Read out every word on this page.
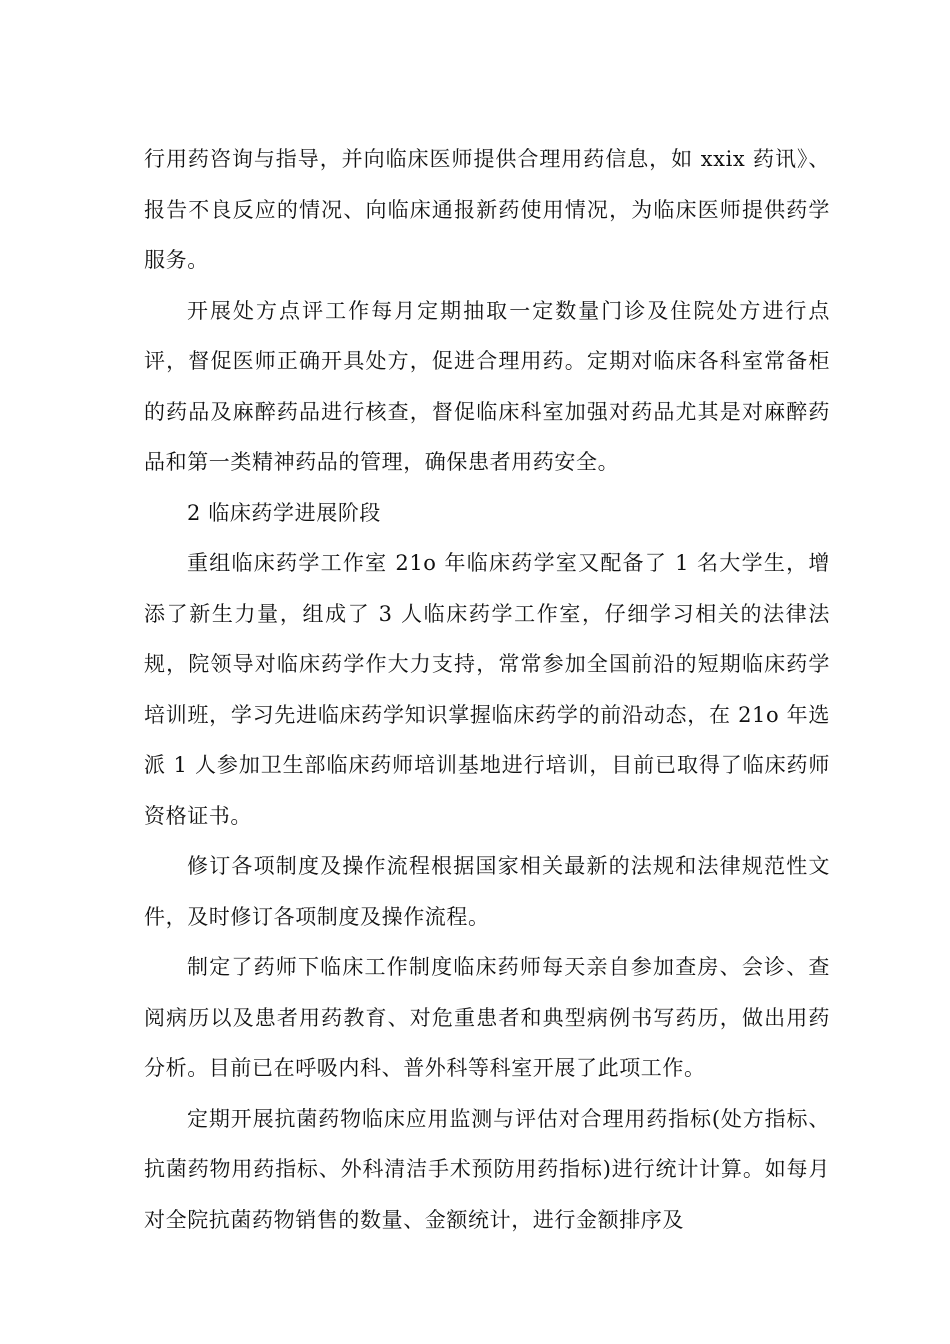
行用药咨询与指导，并向临床医师提供合理用药信息，如 xxix 药讯》、报告不良反应的情况、向临床通报新药使用情况，为临床医师提供药学服务。

开展处方点评工作每月定期抽取一定数量门诊及住院处方进行点评，督促医师正确开具处方，促进合理用药。定期对临床各科室常备柜的药品及麻醉药品进行核查，督促临床科室加强对药品尤其是对麻醉药品和第一类精神药品的管理，确保患者用药安全。

2 临床药学进展阶段

重组临床药学工作室 21o 年临床药学室又配备了 1 名大学生，增添了新生力量，组成了 3 人临床药学工作室，仔细学习相关的法律法规，院领导对临床药学作大力支持，常常参加全国前沿的短期临床药学培训班，学习先进临床药学知识掌握临床药学的前沿动态，在 21o 年选派 1 人参加卫生部临床药师培训基地进行培训，目前已取得了临床药师资格证书。

修订各项制度及操作流程根据国家相关最新的法规和法律规范性文件，及时修订各项制度及操作流程。

制定了药师下临床工作制度临床药师每天亲自参加查房、会诊、查阅病历以及患者用药教育、对危重患者和典型病例书写药历，做出用药分析。目前已在呼吸内科、普外科等科室开展了此项工作。

定期开展抗菌药物临床应用监测与评估对合理用药指标(处方指标、抗菌药物用药指标、外科清洁手术预防用药指标)进行统计计算。如每月对全院抗菌药物销售的数量、金额统计，进行金额排序及
